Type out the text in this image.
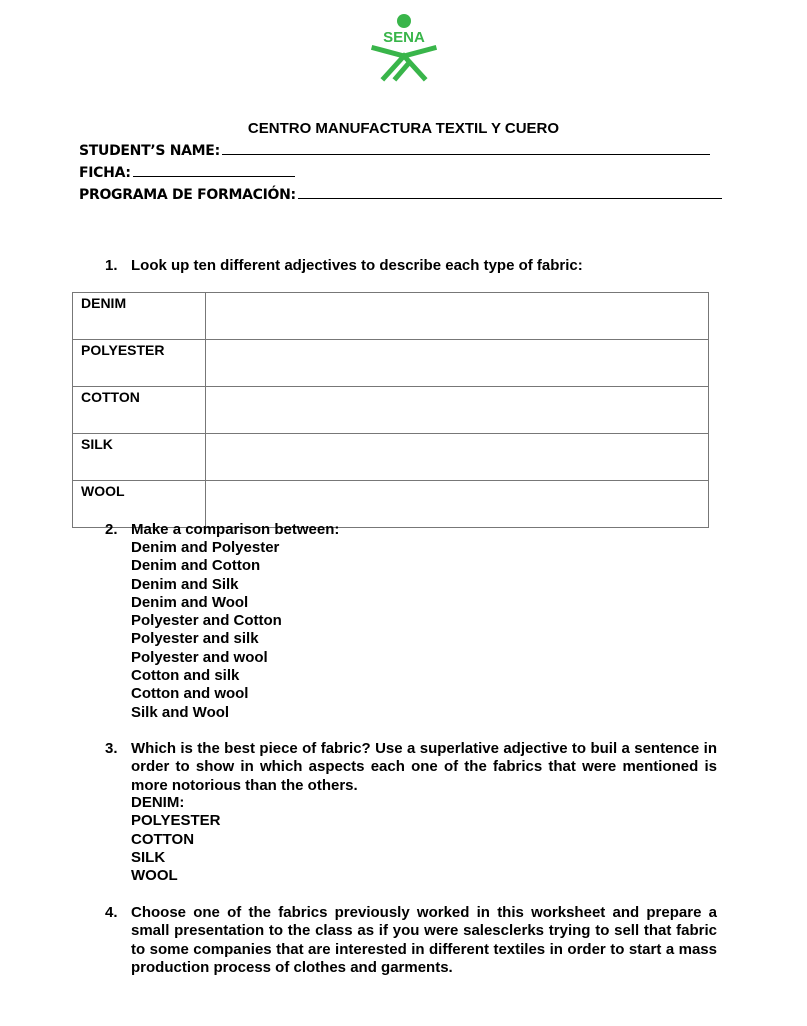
SENA
CENTRO MANUFACTURA TEXTIL Y CUERO
STUDENT’S NAME:
FICHA:
PROGRAMA DE FORMACIÓN:
1. Look up ten different adjectives to describe each type of fabric:
DENIM	
POLYESTER	
COTTON	
SILK	
WOOL	
2. Make a comparison between:
Denim and Polyester
Denim and Cotton
Denim and Silk
Denim and Wool
Polyester and Cotton
Polyester and silk
Polyester and wool
Cotton and silk
Cotton and wool
Silk and Wool
3. Which is the best piece of fabric? Use a superlative adjective to buil a sentence in order to show in which aspects each one of the fabrics that were mentioned is more notorious than the others.
DENIM:
POLYESTER
COTTON
SILK
WOOL
4. Choose one of the fabrics previously worked in this worksheet and prepare a small presentation to the class as if you were salesclerks trying to sell that fabric to some companies that are interested in different textiles in order to start a mass production process of clothes and garments.
